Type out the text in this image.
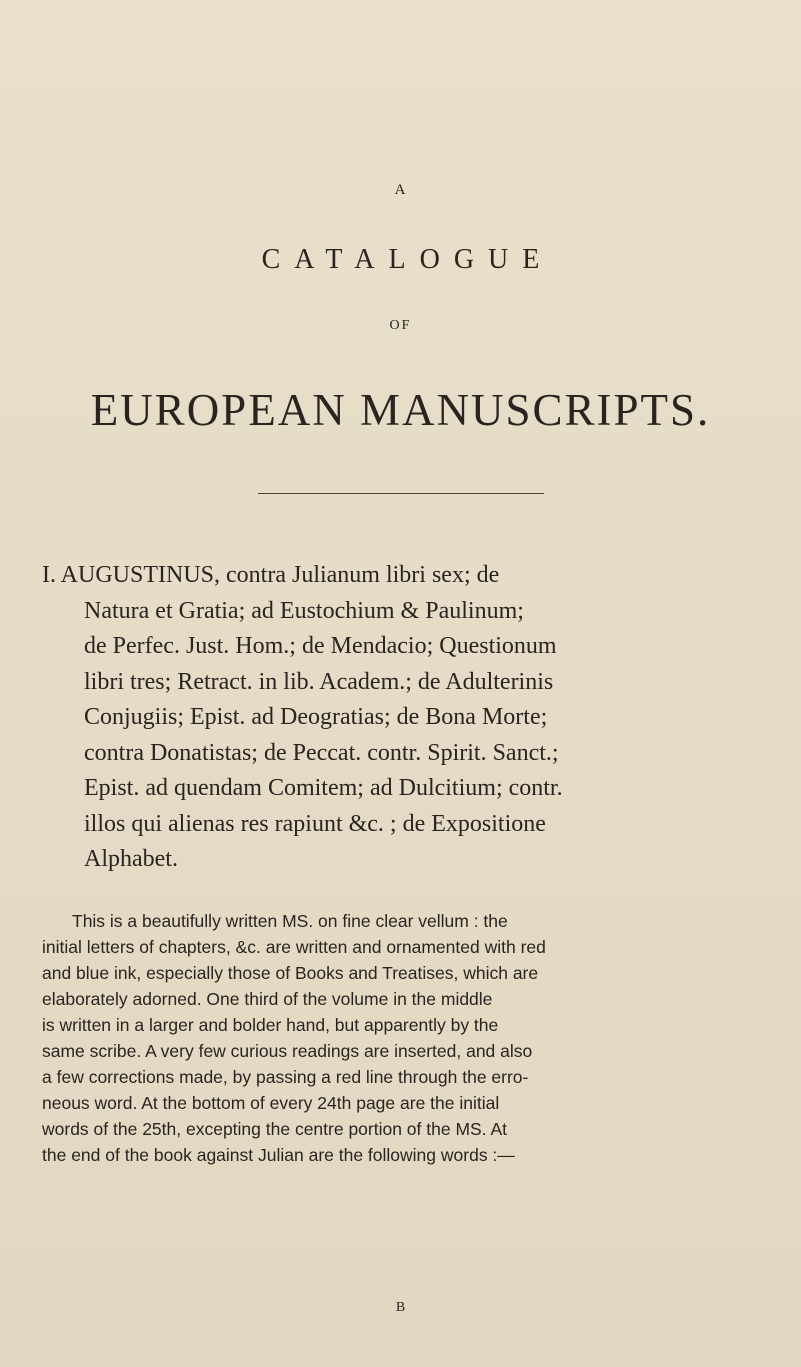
A
CATALOGUE
OF
EUROPEAN MANUSCRIPTS.
I. AUGUSTINUS, contra Julianum libri sex; de
Natura et Gratia; ad Eustochium & Paulinum;
de Perfec. Just. Hom.; de Mendacio; Questionum
libri tres; Retract. in lib. Academ.; de Adulterinis
Conjugiis; Epist. ad Deogratias; de Bona Morte;
contra Donatistas; de Peccat. contr. Spirit. Sanct.;
Epist. ad quendam Comitem; ad Dulcitium; contr.
illos qui alienas res rapiunt &c. ; de Expositione
Alphabet.
This is a beautifully written MS. on fine clear vellum : the
initial letters of chapters, &c. are written and ornamented with red
and blue ink, especially those of Books and Treatises, which are
elaborately adorned. One third of the volume in the middle
is written in a larger and bolder hand, but apparently by the
same scribe. A very few curious readings are inserted, and also
a few corrections made, by passing a red line through the erro-
neous word. At the bottom of every 24th page are the initial
words of the 25th, excepting the centre portion of the MS. At
the end of the book against Julian are the following words :—
B
